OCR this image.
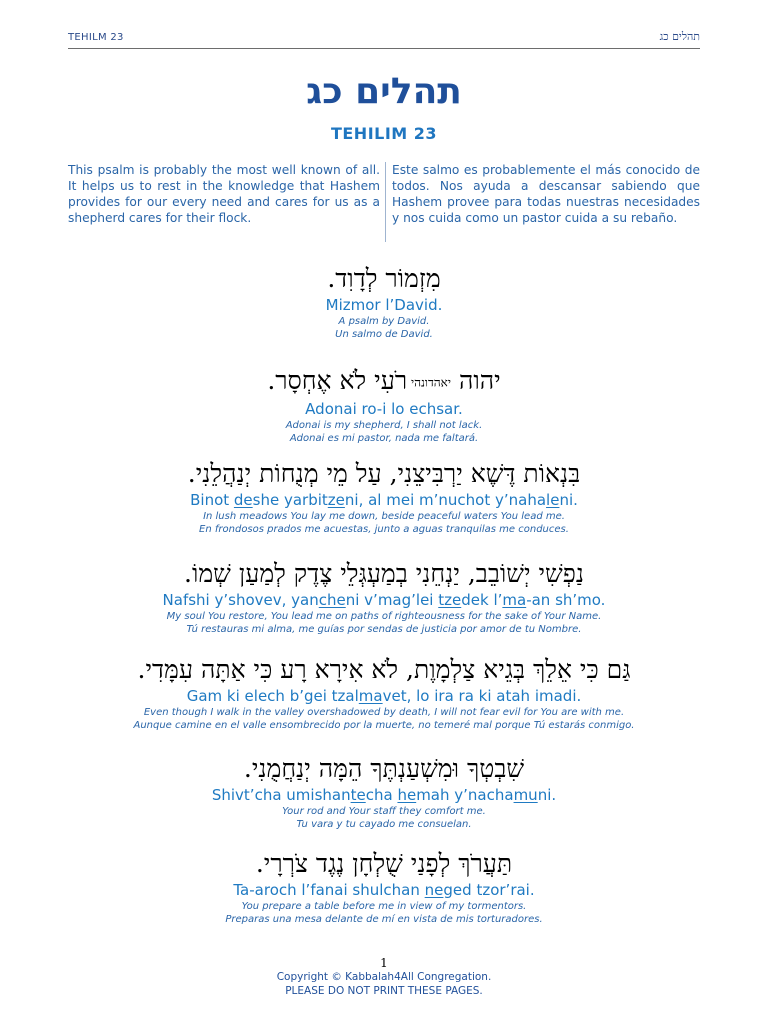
TEHILM 23	תהלים כג
תהלים כג
TEHILIM 23
This psalm is probably the most well known of all. It helps us to rest in the knowledge that Hashem provides for our every need and cares for us as a shepherd cares for their flock.
Este salmo es probablemente el más conocido de todos. Nos ayuda a descansar sabiendo que Hashem provee para todas nuestras necesidades y nos cuida como un pastor cuida a su rebaño.
מִזְמוֹר לְדָוִד.
Mizmor l’David.
A psalm by David.
Un salmo de David.
יהוה יאהדונהי רֹעִי לֹא אֶחְסָר.
Adonai ro-i lo echsar.
Adonai is my shepherd, I shall not lack.
Adonai es mi pastor, nada me faltará.
בִּנְאוֹת דֶּשֶׁא יַרְבִּיצֵנִי, עַל מֵי מְנֻחוֹת יְנַהֲלֵנִי.
Binot deshe yarbitzeni, al mei m’nuchot y’nahaleni.
In lush meadows You lay me down, beside peaceful waters You lead me.
En frondosos prados me acuestas, junto a aguas tranquilas me conduces.
נַפְשִׁי יְשׁוֹבֵב, יַנְחֵנִי בְמַעְגְּלֵי צֶדֶק לְמַעַן שְׁמוֹ.
Nafshi y’shovev, yancheni v’mag’lei tzedek l’ma-an sh’mo.
My soul You restore, You lead me on paths of righteousness for the sake of Your Name.
Tú restauras mi alma, me guías por sendas de justicia por amor de tu Nombre.
גַּם כִּי אֵלֵךְ בְּגֵיא צַלְמָוֶת, לֹא אִירָא רָע כִּי אַתָּה עִמָּדִי.
Gam ki elech b’gei tzalmavet, lo ira ra ki atah imadi.
Even though I walk in the valley overshadowed by death, I will not fear evil for You are with me.
Aunque camine en el valle ensombrecido por la muerte, no temeré mal porque Tú estarás conmigo.
שִׁבְטְךָ וּמִשְׁעַנְתֶּךָ הֵמָּה יְנַחֲמֻנִי.
Shivt’cha umishantecha hemah y’nachamuni.
Your rod and Your staff they comfort me.
Tu vara y tu cayado me consuelan.
תַּעֲרֹךְ לְפָנַי שֻׁלְחָן נֶגֶד צֹרְרָי.
Ta-aroch l’fanai shulchan neged tzor’rai.
You prepare a table before me in view of my tormentors.
Preparas una mesa delante de mí en vista de mis torturadores.
1
Copyright © Kabbalah4All Congregation.
PLEASE DO NOT PRINT THESE PAGES.
